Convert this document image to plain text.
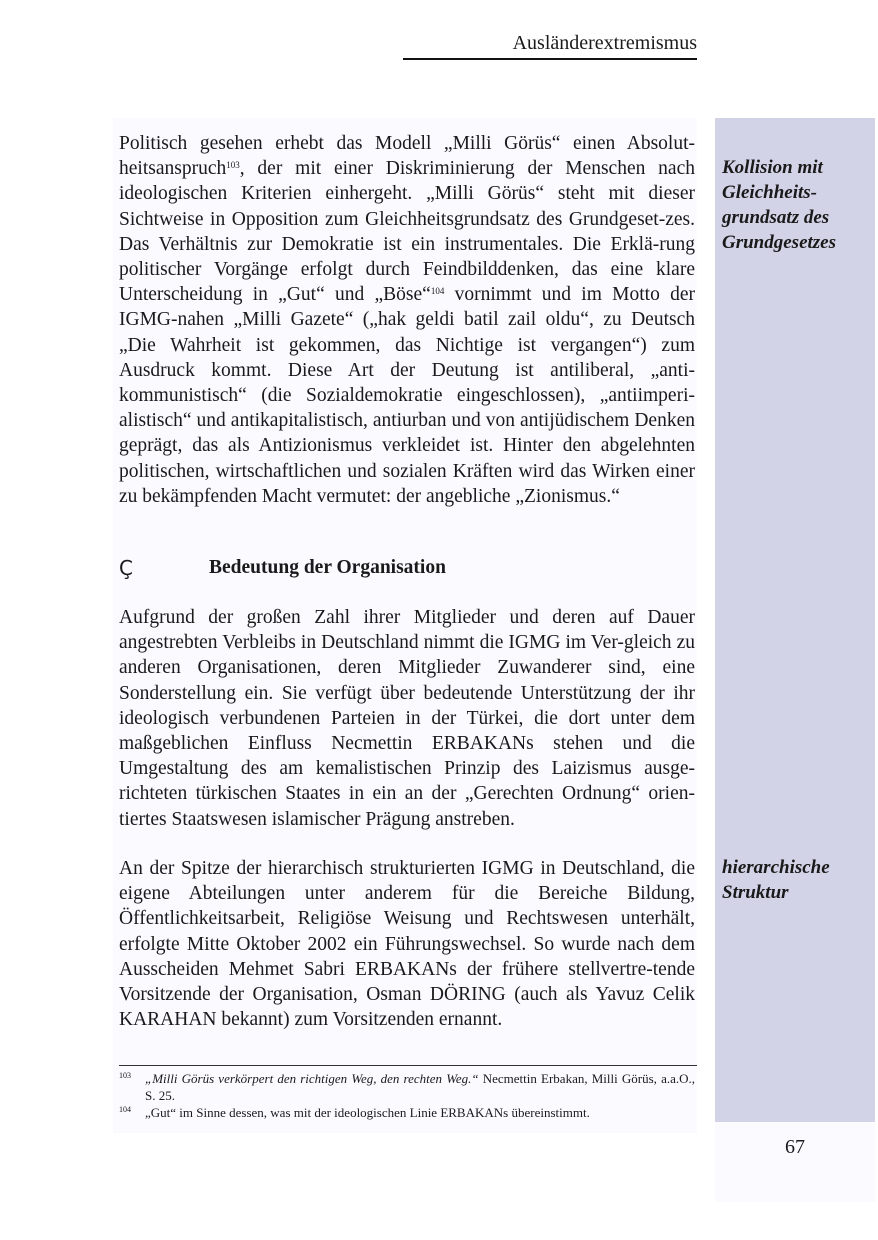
Ausländerextremismus

Politisch gesehen erhebt das Modell „Milli Görüs“ einen Absolut-heitsanspruch$^{103}$, der mit einer Diskriminierung der Menschen nach ideologischen Kriterien einhergeht. „Milli Görüs“ steht mit dieser Sichtweise in Opposition zum Gleichheitsgrundsatz des Grundgeset-zes. Das Verhältnis zur Demokratie ist ein instrumentales. Die Erklä-rung politischer Vorgänge erfolgt durch Feindbilddenken, das eine klare Unterscheidung in „Gut“ und „Böse“$^{104}$ vornimmt und im Motto der IGMG-nahen „Milli Gazete“ („hak geldi batil zail oldu“, zu Deutsch „Die Wahrheit ist gekommen, das Nichtige ist vergangen“) zum Ausdruck kommt. Diese Art der Deutung ist antiliberal, „anti-kommunistisch“ (die Sozialdemokratie eingeschlossen), „antiimperi-alistisch“ und antikapitalistisch, antiurban und von antijüdischem Denken geprägt, das als Antizionismus verkleidet ist. Hinter den abgelehnten politischen, wirtschaftlichen und sozialen Kräften wird das Wirken einer zu bekämpfenden Macht vermutet: der angebliche „Zionismus.“

Ç	Bedeutung der Organisation

Aufgrund der großen Zahl ihrer Mitglieder und deren auf Dauer angestrebten Verbleibs in Deutschland nimmt die IGMG im Ver-gleich zu anderen Organisationen, deren Mitglieder Zuwanderer sind, eine Sonderstellung ein. Sie verfügt über bedeutende Unterstützung der ihr ideologisch verbundenen Parteien in der Türkei, die dort unter dem maßgeblichen Einfluss Necmettin ERBAKANs stehen und die Umgestaltung des am kemalistischen Prinzip des Laizismus ausge-richteten türkischen Staates in ein an der „Gerechten Ordnung“ orien-tiertes Staatswesen islamischer Prägung anstreben.

An der Spitze der hierarchisch strukturierten IGMG in Deutschland, die eigene Abteilungen unter anderem für die Bereiche Bildung, Öffentlichkeitsarbeit, Religiöse Weisung und Rechtswesen unterhält, erfolgte Mitte Oktober 2002 ein Führungswechsel. So wurde nach dem Ausscheiden Mehmet Sabri ERBAKANs der frühere stellvertre-tende Vorsitzende der Organisation, Osman DÖRING (auch als Yavuz Celik KARAHAN bekannt) zum Vorsitzenden ernannt.

Kollision mit
Gleichheits-
grundsatz des
Grundgesetzes
hierarchische
Struktur
103 „Milli Görüs verkörpert den richtigen Weg, den rechten Weg.“ Necmettin Erbakan, Milli Görüs, a.a.O., S. 25.
104 „Gut“ im Sinne dessen, was mit der ideologischen Linie ERBAKANs übereinstimmt.
67
